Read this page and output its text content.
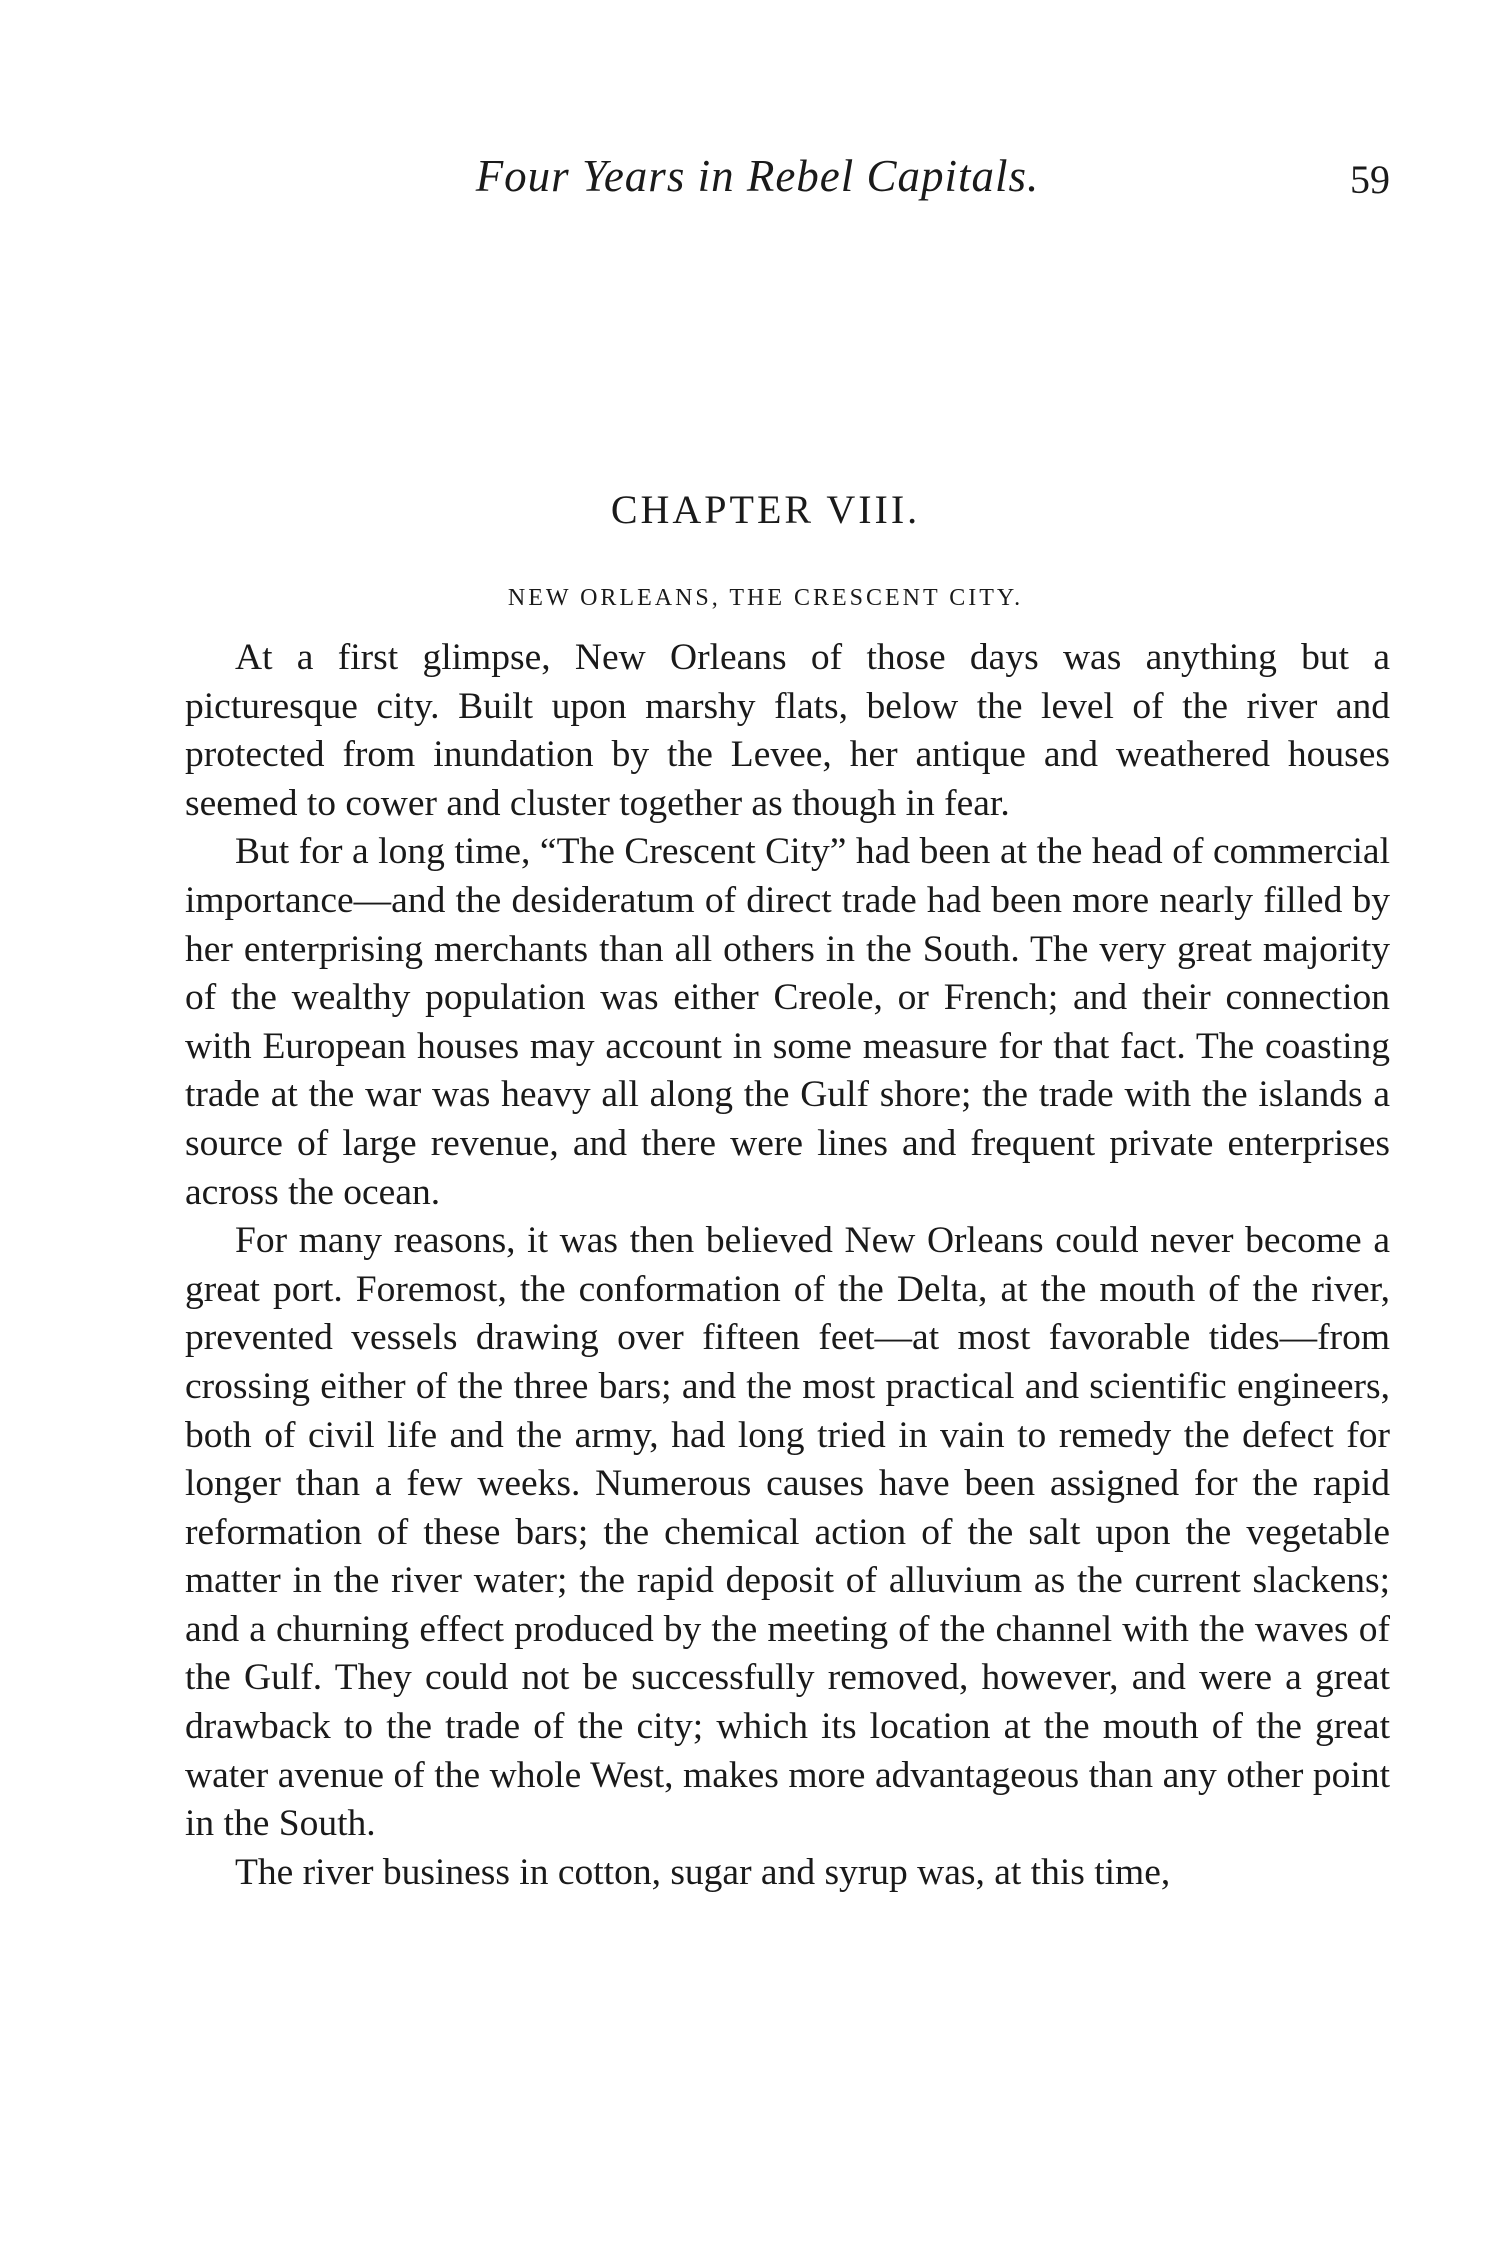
Four Years in Rebel Capitals.	59
CHAPTER VIII.
NEW ORLEANS, THE CRESCENT CITY.

At a first glimpse, New Orleans of those days was anything but a picturesque city. Built upon marshy flats, below the level of the river and protected from inundation by the Levee, her antique and weathered houses seemed to cower and cluster together as though in fear.

But for a long time, “The Crescent City” had been at the head of commercial importance—and the desideratum of direct trade had been more nearly filled by her enterprising merchants than all others in the South. The very great majority of the wealthy population was either Creole, or French; and their connection with European houses may account in some measure for that fact. The coasting trade at the war was heavy all along the Gulf shore; the trade with the islands a source of large revenue, and there were lines and frequent private enterprises across the ocean.

For many reasons, it was then believed New Orleans could never become a great port. Foremost, the conformation of the Delta, at the mouth of the river, prevented vessels drawing over fifteen feet—at most favorable tides—from crossing either of the three bars; and the most practical and scientific engineers, both of civil life and the army, had long tried in vain to remedy the defect for longer than a few weeks. Numerous causes have been assigned for the rapid reformation of these bars; the chemical action of the salt upon the vegetable matter in the river water; the rapid deposit of alluvium as the current slackens; and a churning effect produced by the meeting of the channel with the waves of the Gulf. They could not be successfully removed, however, and were a great drawback to the trade of the city; which its location at the mouth of the great water avenue of the whole West, makes more advantageous than any other point in the South.

The river business in cotton, sugar and syrup was, at this time,
